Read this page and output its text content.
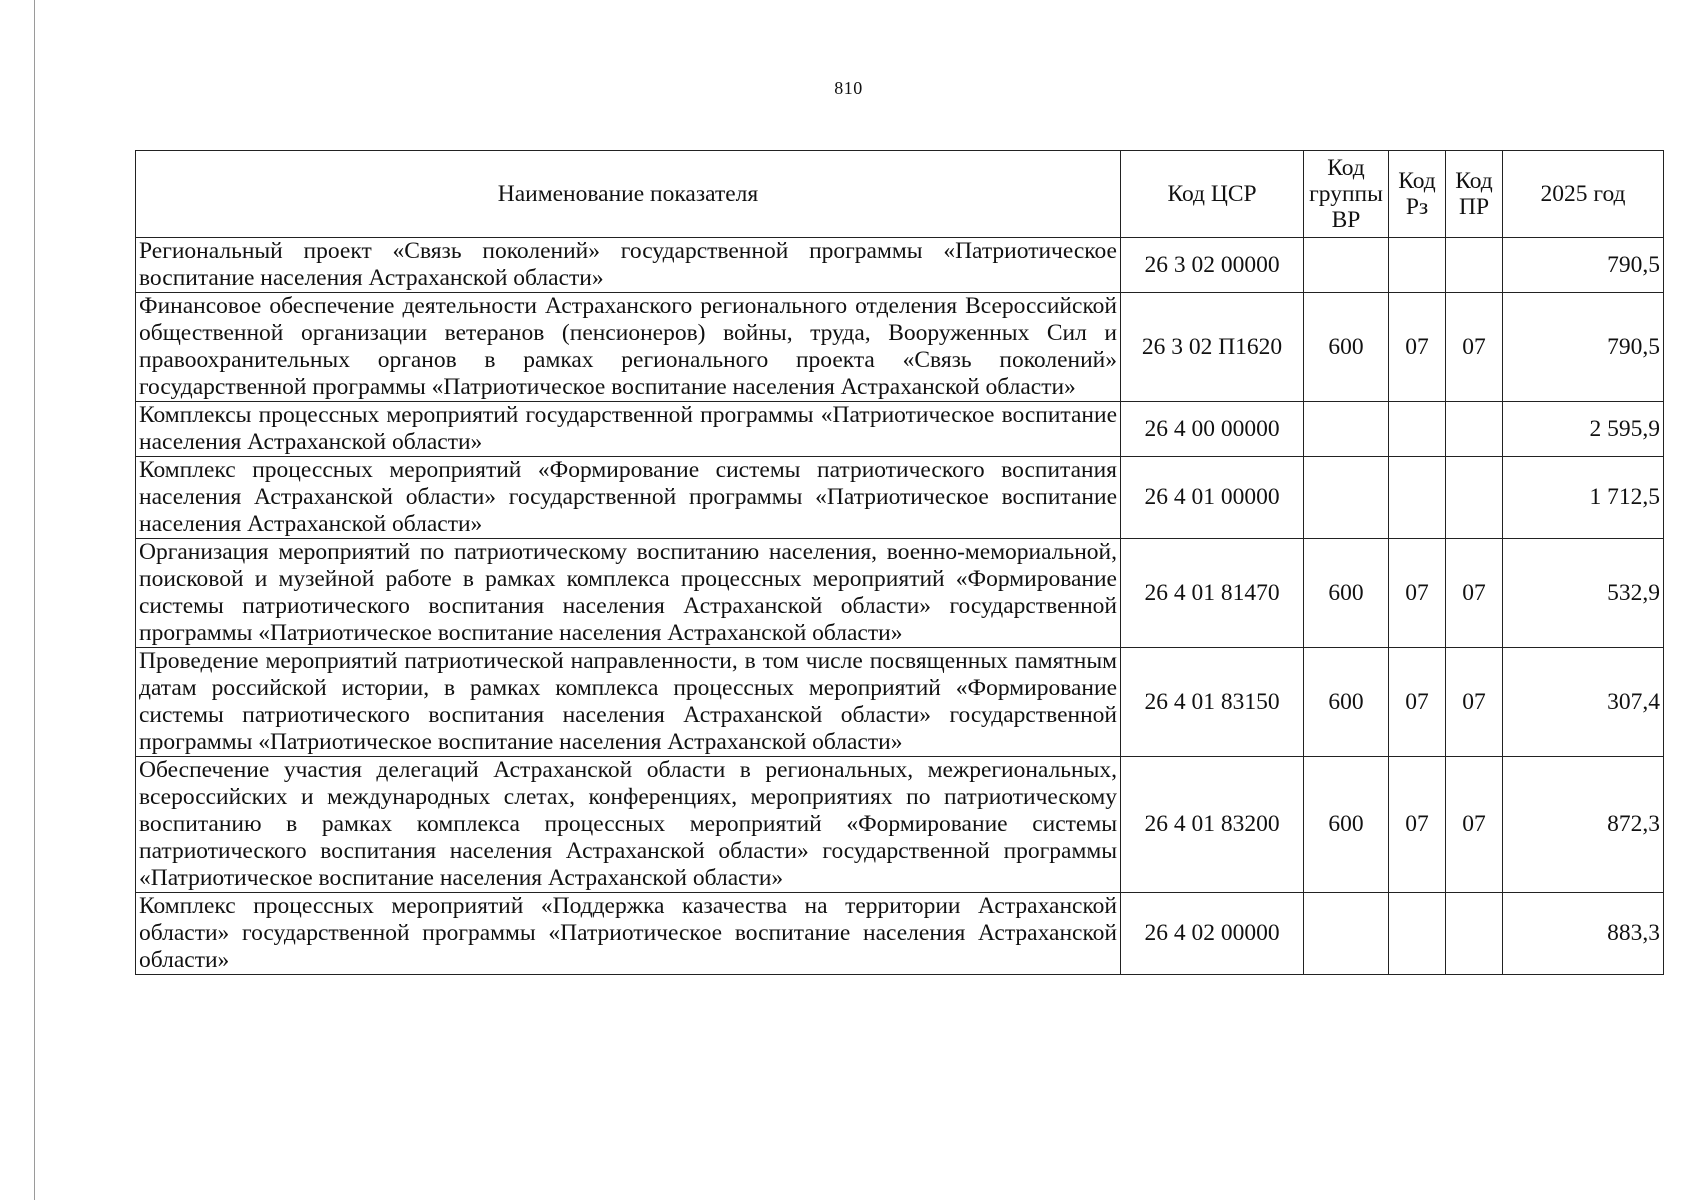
810
Наименование показателя	Код ЦСР	Код группы ВР	Код Рз	Код ПР	2025 год
Региональный проект «Связь поколений» государственной программы «Патриотическое воспитание населения Астраханской области»	26 3 02 00000				790,5
Финансовое обеспечение деятельности Астраханского регионального отделения Всероссийской общественной организации ветеранов (пенсионеров) войны, труда, Вооруженных Сил и правоохранительных органов в рамках регионального проекта «Связь поколений» государственной программы «Патриотическое воспитание населения Астраханской области»	26 3 02 П1620	600	07	07	790,5
Комплексы процессных мероприятий государственной программы «Патриотическое воспитание населения Астраханской области»	26 4 00 00000				2 595,9
Комплекс процессных мероприятий «Формирование системы патриотического воспитания населения Астраханской области» государственной программы «Патриотическое воспитание населения Астраханской области»	26 4 01 00000				1 712,5
Организация мероприятий по патриотическому воспитанию населения, военно-мемориальной, поисковой и музейной работе в рамках комплекса процессных мероприятий «Формирование системы патриотического воспитания населения Астраханской области» государственной программы «Патриотическое воспитание населения Астраханской области»	26 4 01 81470	600	07	07	532,9
Проведение мероприятий патриотической направленности, в том числе посвященных памятным датам российской истории, в рамках комплекса процессных мероприятий «Формирование системы патриотического воспитания населения Астраханской области» государственной программы «Патриотическое воспитание населения Астраханской области»	26 4 01 83150	600	07	07	307,4
Обеспечение участия делегаций Астраханской области в региональных, межрегиональных, всероссийских и международных слетах, конференциях, мероприятиях по патриотическому воспитанию в рамках комплекса процессных мероприятий «Формирование системы патриотического воспитания населения Астраханской области» государственной программы «Патриотическое воспитание населения Астраханской области»	26 4 01 83200	600	07	07	872,3
Комплекс процессных мероприятий «Поддержка казачества на территории Астраханской области» государственной программы «Патриотическое воспитание населения Астраханской области»	26 4 02 00000				883,3
